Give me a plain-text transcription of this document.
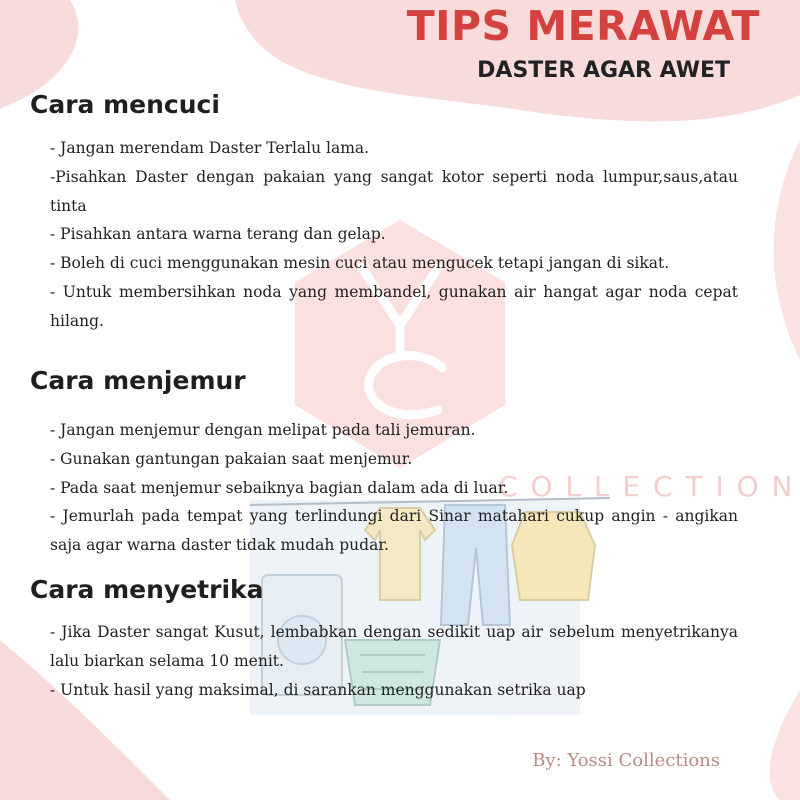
C O L L E C T I O N
TIPS MERAWAT
DASTER AGAR AWET
Cara mencuci
- Jangan merendam Daster Terlalu lama.
-Pisahkan Daster dengan pakaian yang sangat kotor seperti noda lumpur,saus,atau tinta
- Pisahkan antara warna terang dan gelap.
- Boleh di cuci menggunakan mesin cuci atau mengucek tetapi jangan di sikat.
- Untuk membersihkan noda yang membandel, gunakan air hangat agar noda cepat hilang.
Cara menjemur
- Jangan menjemur dengan melipat pada tali jemuran.
- Gunakan gantungan pakaian saat menjemur.
- Pada saat menjemur sebaiknya bagian dalam ada di luar.
- Jemurlah pada tempat yang terlindungi dari Sinar matahari cukup angin - angikan saja agar warna daster tidak mudah pudar.
Cara menyetrika
- Jika Daster sangat Kusut, lembabkan dengan sedikit uap air sebelum menyetrikanya lalu biarkan selama 10 menit.
- Untuk hasil yang maksimal, di sarankan menggunakan setrika uap

By: Yossi Collections
